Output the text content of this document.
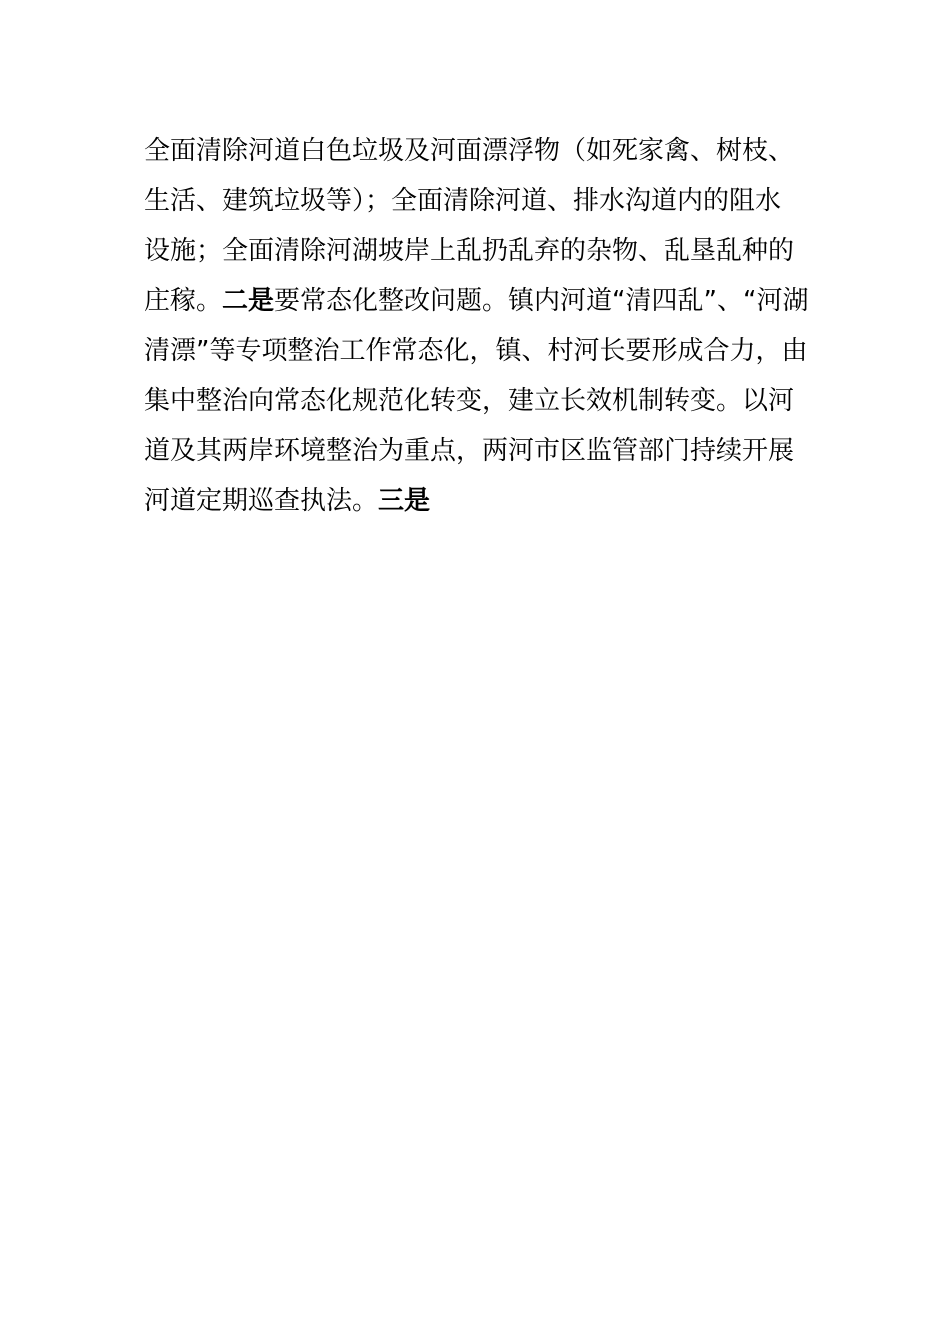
全面清除河道白色垃圾及河面漂浮物（如死家禽、树枝、
生活、建筑垃圾等）；全面清除河道、排水沟道内的阻水
设施；全面清除河湖坡岸上乱扔乱弃的杂物、乱垦乱种的
庄稼。二是要常态化整改问题。镇内河道“清四乱”、“河湖
清漂”等专项整治工作常态化，镇、村河长要形成合力，由
集中整治向常态化规范化转变，建立长效机制转变。以河
道及其两岸环境整治为重点，两河市区监管部门持续开展
河道定期巡查执法。三是
